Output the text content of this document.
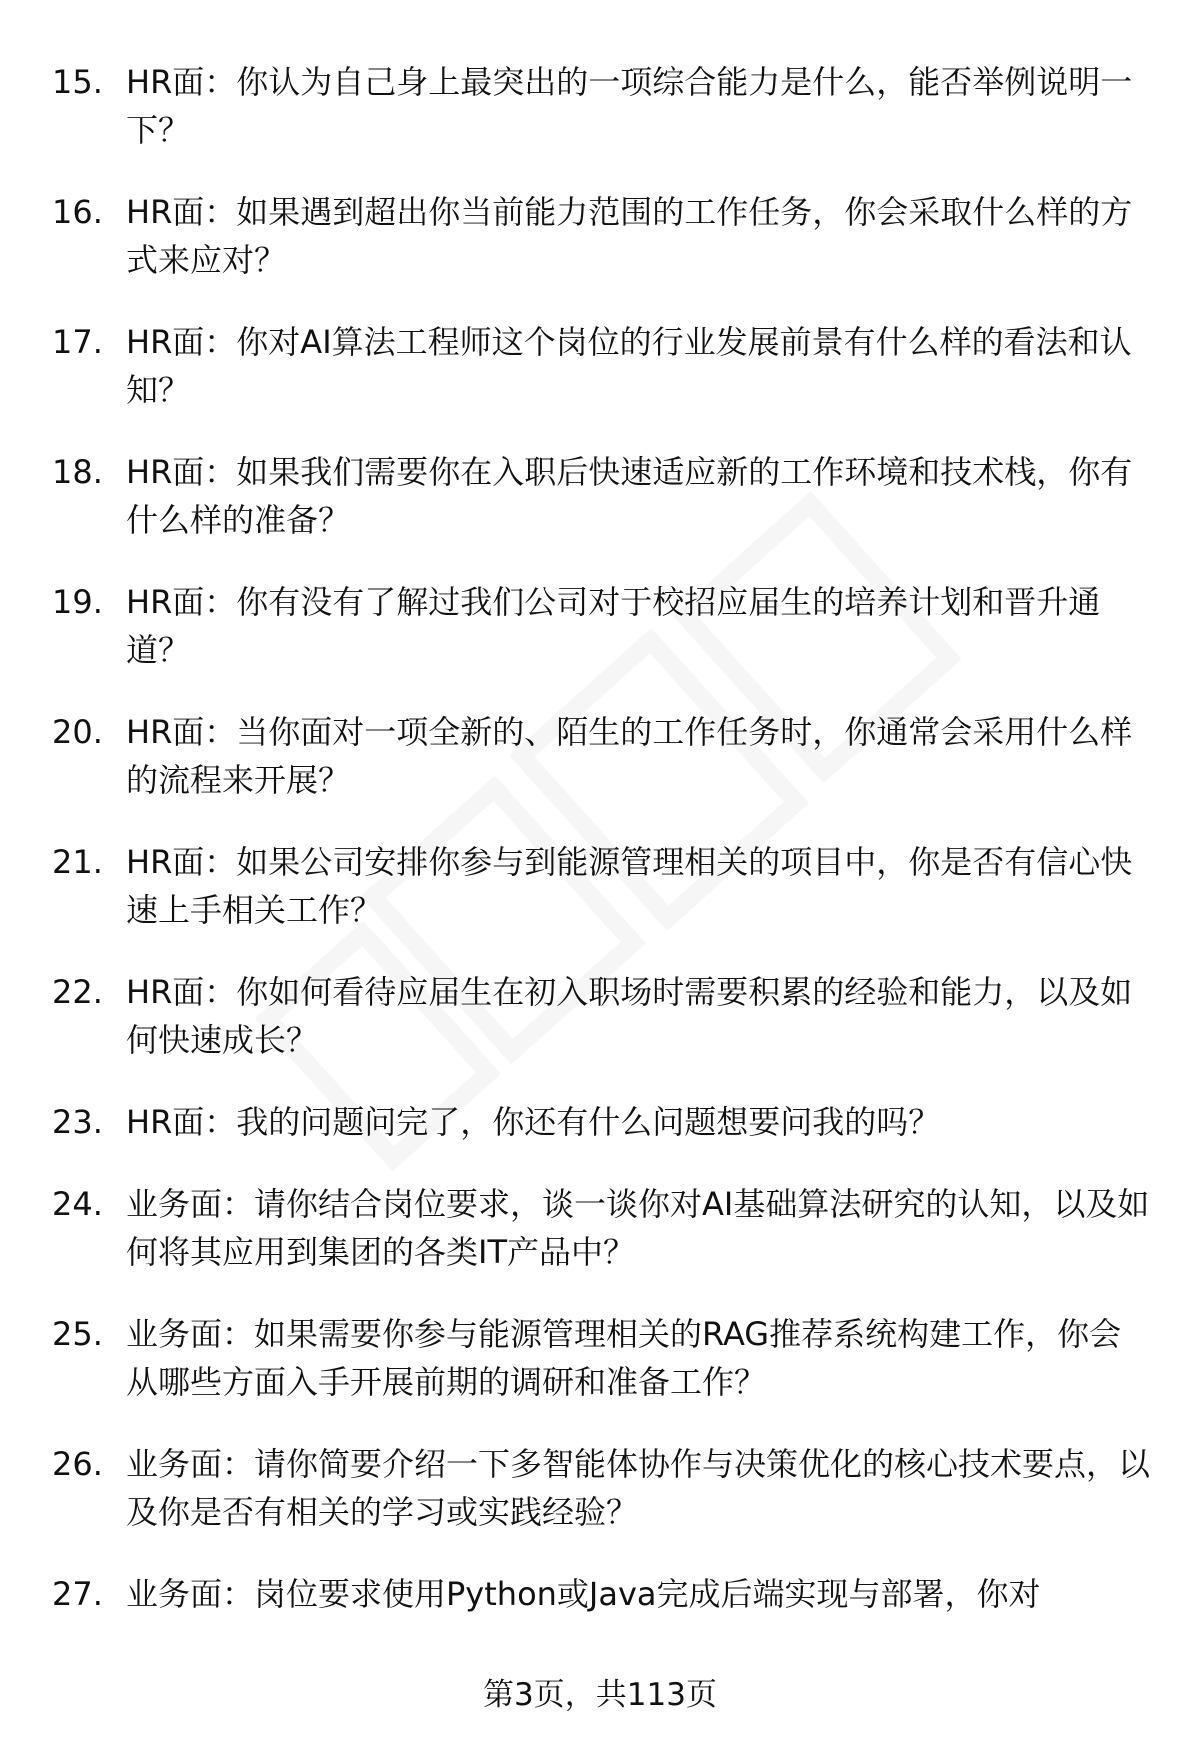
15. HR面：你认为自己身上最突出的一项综合能力是什么，能否举例说明一下？
16. HR面：如果遇到超出你当前能力范围的工作任务，你会采取什么样的方式来应对？
17. HR面：你对AI算法工程师这个岗位的行业发展前景有什么样的看法和认知？
18. HR面：如果我们需要你在入职后快速适应新的工作环境和技术栈，你有什么样的准备？
19. HR面：你有没有了解过我们公司对于校招应届生的培养计划和晋升通道？
20. HR面：当你面对一项全新的、陌生的工作任务时，你通常会采用什么样的流程来开展？
21. HR面：如果公司安排你参与到能源管理相关的项目中，你是否有信心快速上手相关工作？
22. HR面：你如何看待应届生在初入职场时需要积累的经验和能力，以及如何快速成长？
23. HR面：我的问题问完了，你还有什么问题想要问我的吗？
24. 业务面：请你结合岗位要求，谈一谈你对AI基础算法研究的认知，以及如何将其应用到集团的各类IT产品中？
25. 业务面：如果需要你参与能源管理相关的RAG推荐系统构建工作，你会从哪些方面入手开展前期的调研和准备工作？
26. 业务面：请你简要介绍一下多智能体协作与决策优化的核心技术要点，以及你是否有相关的学习或实践经验？
27. 业务面：岗位要求使用Python或Java完成后端实现与部署，你对
第3页，共113页
